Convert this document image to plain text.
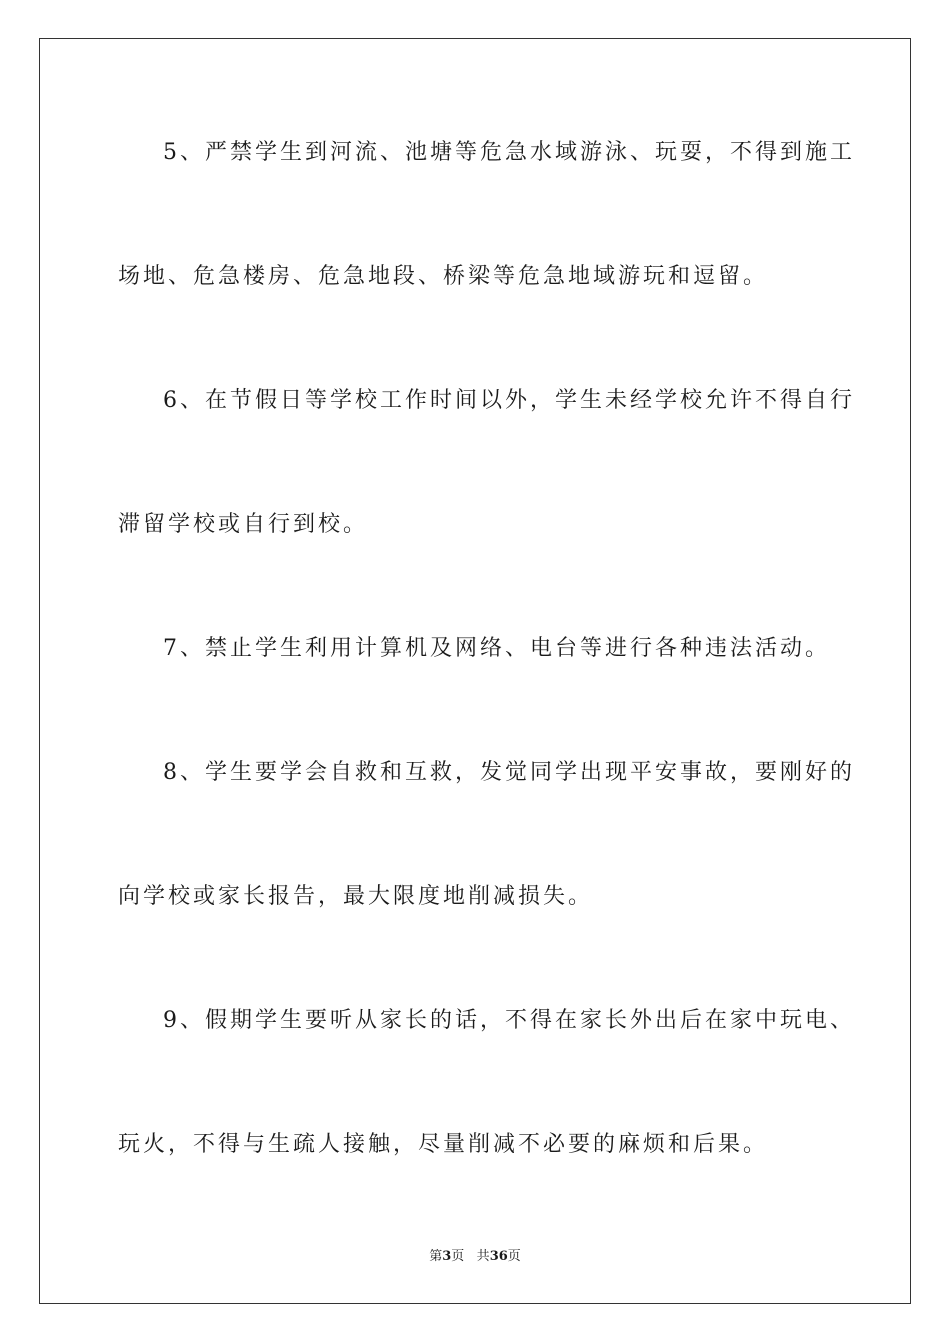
5、严禁学生到河流、池塘等危急水域游泳、玩耍，不得到施工
场地、危急楼房、危急地段、桥梁等危急地域游玩和逗留。
6、在节假日等学校工作时间以外，学生未经学校允许不得自行
滞留学校或自行到校。
7、禁止学生利用计算机及网络、电台等进行各种违法活动。
8、学生要学会自救和互救，发觉同学出现平安事故，要刚好的
向学校或家长报告，最大限度地削减损失。
9、假期学生要听从家长的话，不得在家长外出后在家中玩电、
玩火，不得与生疏人接触，尽量削减不必要的麻烦和后果。
第3页 共36页
